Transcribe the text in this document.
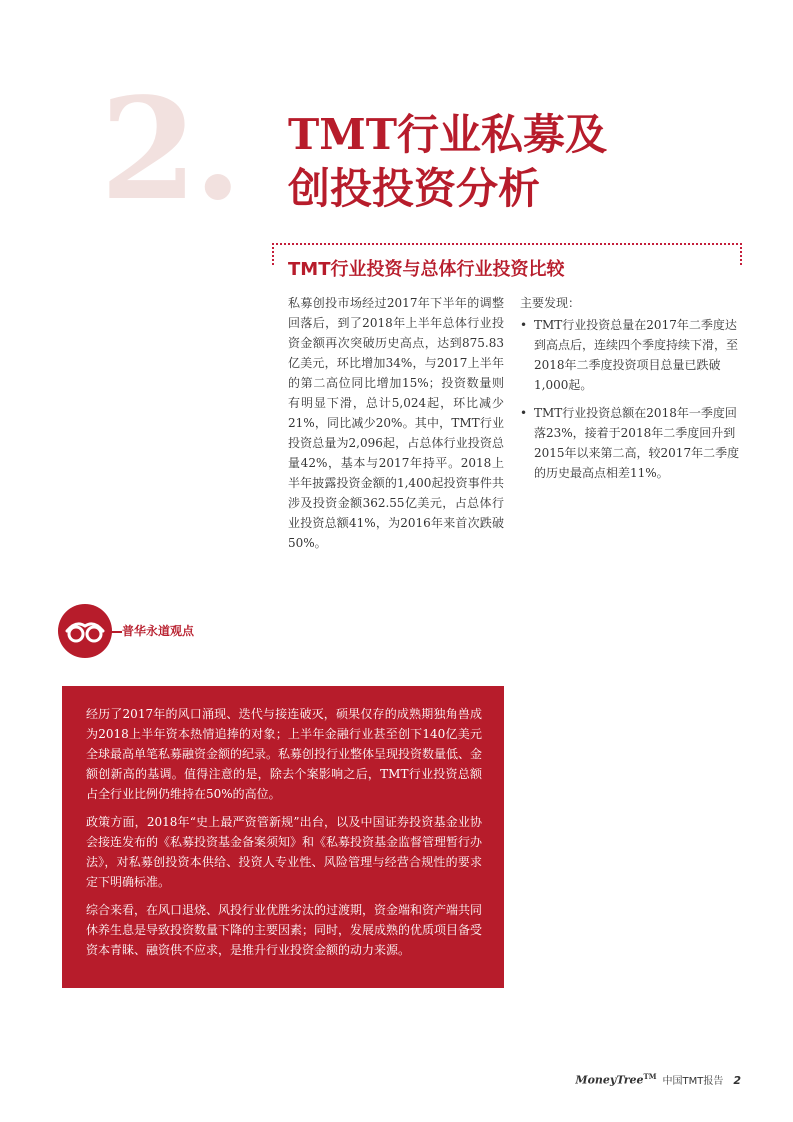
2. TMT行业私募及
创投投资分析
TMT行业投资与总体行业投资比较

私募创投市场经过2017年下半年的调整回落后，到了2018年上半年总体行业投资金额再次突破历史高点，达到875.83亿美元，环比增加34%，与2017上半年的第二高位同比增加15%；投资数量则有明显下滑，总计5,024起，环比减少21%，同比减少20%。其中，TMT行业投资总量为2,096起，占总体行业投资总量42%，基本与2017年持平。2018上半年披露投资金额的1,400起投资事件共涉及投资金额362.55亿美元，占总体行业投资总额41%，为2016年来首次跌破50%。

主要发现：

• TMT行业投资总量在2017年二季度达到高点后，连续四个季度持续下滑，至2018年二季度投资项目总量已跌破1,000起。
• TMT行业投资总额在2018年一季度回落23%，接着于2018年二季度回升到2015年以来第二高，较2017年二季度的历史最高点相差11%。
普华永道观点

经历了2017年的风口涌现、迭代与接连破灭，硕果仅存的成熟期独角兽成为2018上半年资本热情追捧的对象；上半年金融行业甚至创下140亿美元全球最高单笔私募融资金额的纪录。私募创投行业整体呈现投资数量低、金额创新高的基调。值得注意的是，除去个案影响之后，TMT行业投资总额占全行业比例仍维持在50%的高位。

政策方面，2018年“史上最严资管新规”出台，以及中国证券投资基金业协会接连发布的《私募投资基金备案须知》和《私募投资基金监督管理暂行办法》，对私募创投资本供给、投资人专业性、风险管理与经营合规性的要求定下明确标准。

综合来看，在风口退烧、风投行业优胜劣汰的过渡期，资金端和资产端共同休养生息是导致投资数量下降的主要因素；同时，发展成熟的优质项目备受资本青睐、融资供不应求，是推升行业投资金额的动力来源。

MoneyTree™ 中国TMT报告 2
